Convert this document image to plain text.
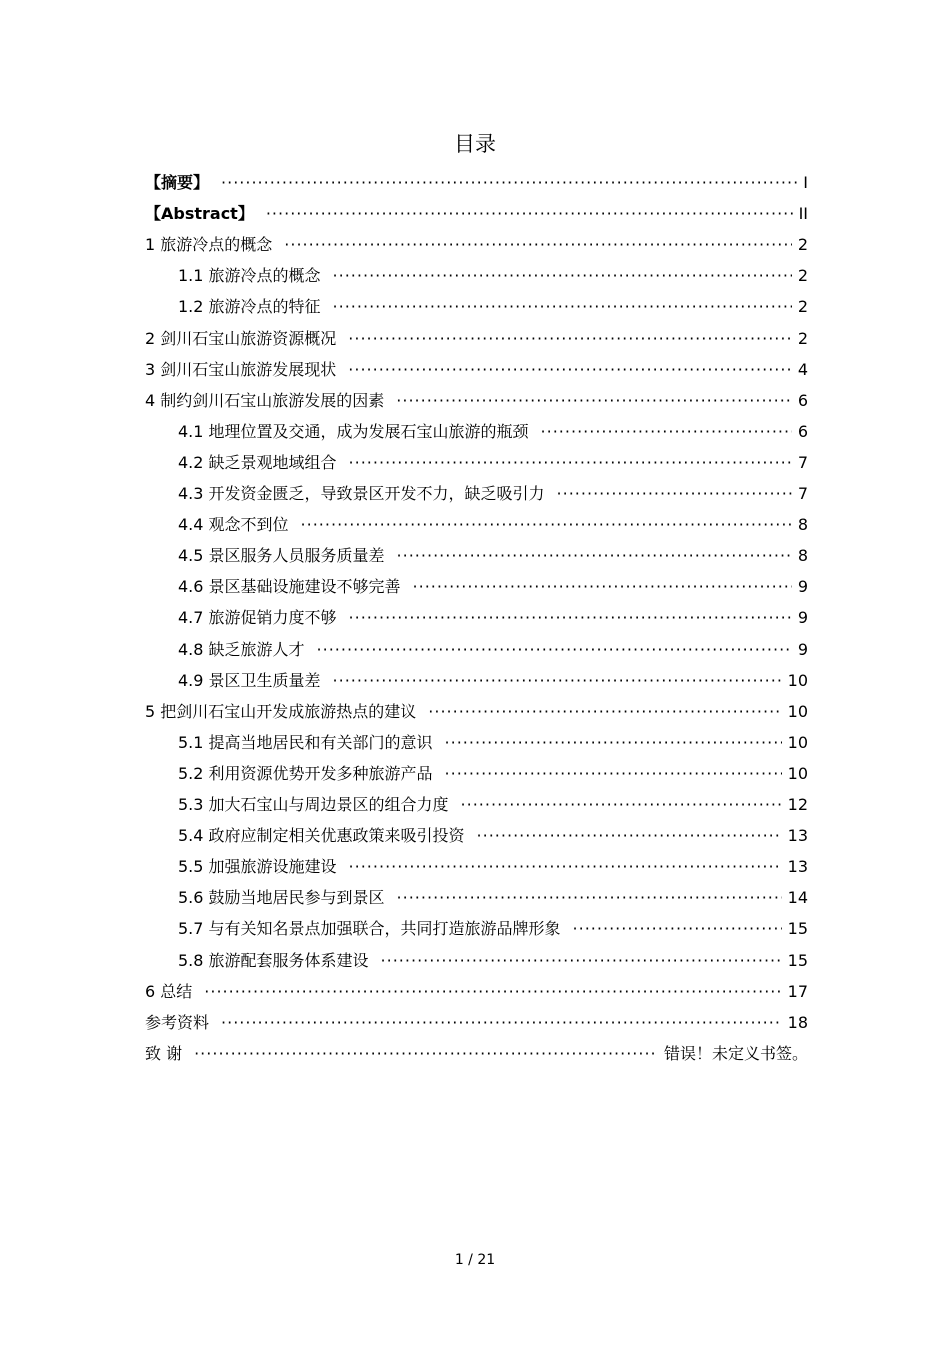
目录
【摘要】 ·····	I
【Abstract】 ·····	II
1 旅游冷点的概念 ·····	2
1.1 旅游冷点的概念 ·····	2
1.2 旅游冷点的特征 ·····	2
2 剑川石宝山旅游资源概况 ·····	2
3 剑川石宝山旅游发展现状 ·····	4
4 制约剑川石宝山旅游发展的因素 ·····	6
4.1 地理位置及交通，成为发展石宝山旅游的瓶颈 ·····	6
4.2 缺乏景观地域组合 ·····	7
4.3 开发资金匮乏，导致景区开发不力，缺乏吸引力 ·····	7
4.4 观念不到位 ·····	8
4.5 景区服务人员服务质量差 ·····	8
4.6 景区基础设施建设不够完善 ·····	9
4.7 旅游促销力度不够 ·····	9
4.8 缺乏旅游人才 ·····	9
4.9 景区卫生质量差 ·····	10
5 把剑川石宝山开发成旅游热点的建议 ·····	10
5.1 提高当地居民和有关部门的意识 ·····	10
5.2 利用资源优势开发多种旅游产品 ·····	10
5.3 加大石宝山与周边景区的组合力度 ·····	12
5.4 政府应制定相关优惠政策来吸引投资 ·····	13
5.5 加强旅游设施建设 ·····	13
5.6 鼓励当地居民参与到景区 ·····	14
5.7 与有关知名景点加强联合，共同打造旅游品牌形象 ·····	15
5.8 旅游配套服务体系建设 ·····	15
6 总结 ·····	17
参考资料 ·····	18
致 谢 ·····	错误！未定义书签。
1 / 21
